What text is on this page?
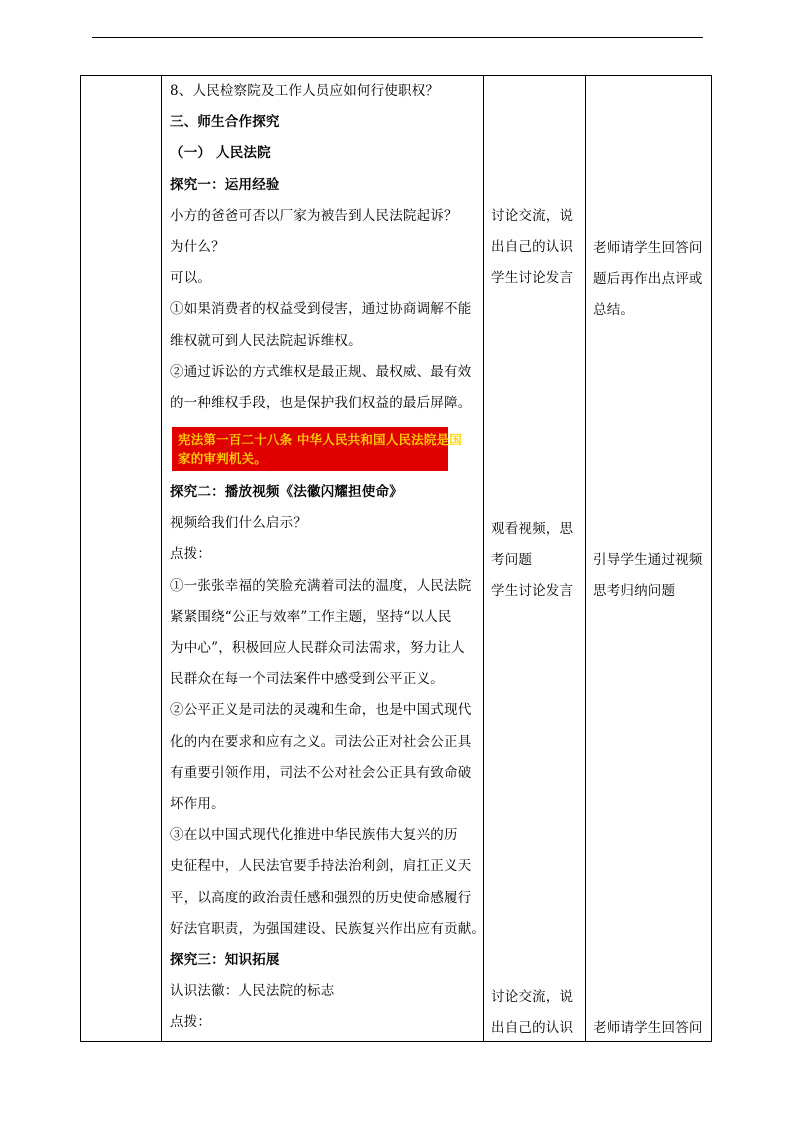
8、人民检察院及工作人员应如何行使职权？
三、师生合作探究
（一） 人民法院
探究一：运用经验
小方的爸爸可否以厂家为被告到人民法院起诉？
为什么？
可以。
①如果消费者的权益受到侵害，通过协商调解不能
维权就可到人民法院起诉维权。
②通过诉讼的方式维权是最正规、最权威、最有效
的一种维权手段，也是保护我们权益的最后屏障。
宪法第一百二十八条 中华人民共和国人民法院是国
家的审判机关。
探究二：播放视频《法徽闪耀担使命》
视频给我们什么启示？
点拨：
①一张张幸福的笑脸充满着司法的温度，人民法院
紧紧围绕“公正与效率”工作主题，坚持“以人民
为中心”，积极回应人民群众司法需求，努力让人
民群众在每一个司法案件中感受到公平正义。
②公平正义是司法的灵魂和生命，也是中国式现代
化的内在要求和应有之义。司法公正对社会公正具
有重要引领作用，司法不公对社会公正具有致命破
坏作用。
③在以中国式现代化推进中华民族伟大复兴的历
史征程中，人民法官要手持法治利剑，肩扛正义天
平，以高度的政治责任感和强烈的历史使命感履行
好法官职责，为强国建设、民族复兴作出应有贡献。
探究三：知识拓展
认识法徽：人民法院的标志
点拨：
讨论交流，说
出自己的认识
学生讨论发言
观看视频，思
考问题
学生讨论发言
讨论交流，说
出自己的认识
老师请学生回答问
题后再作出点评或
总结。
引导学生通过视频
思考归纳问题
老师请学生回答问
